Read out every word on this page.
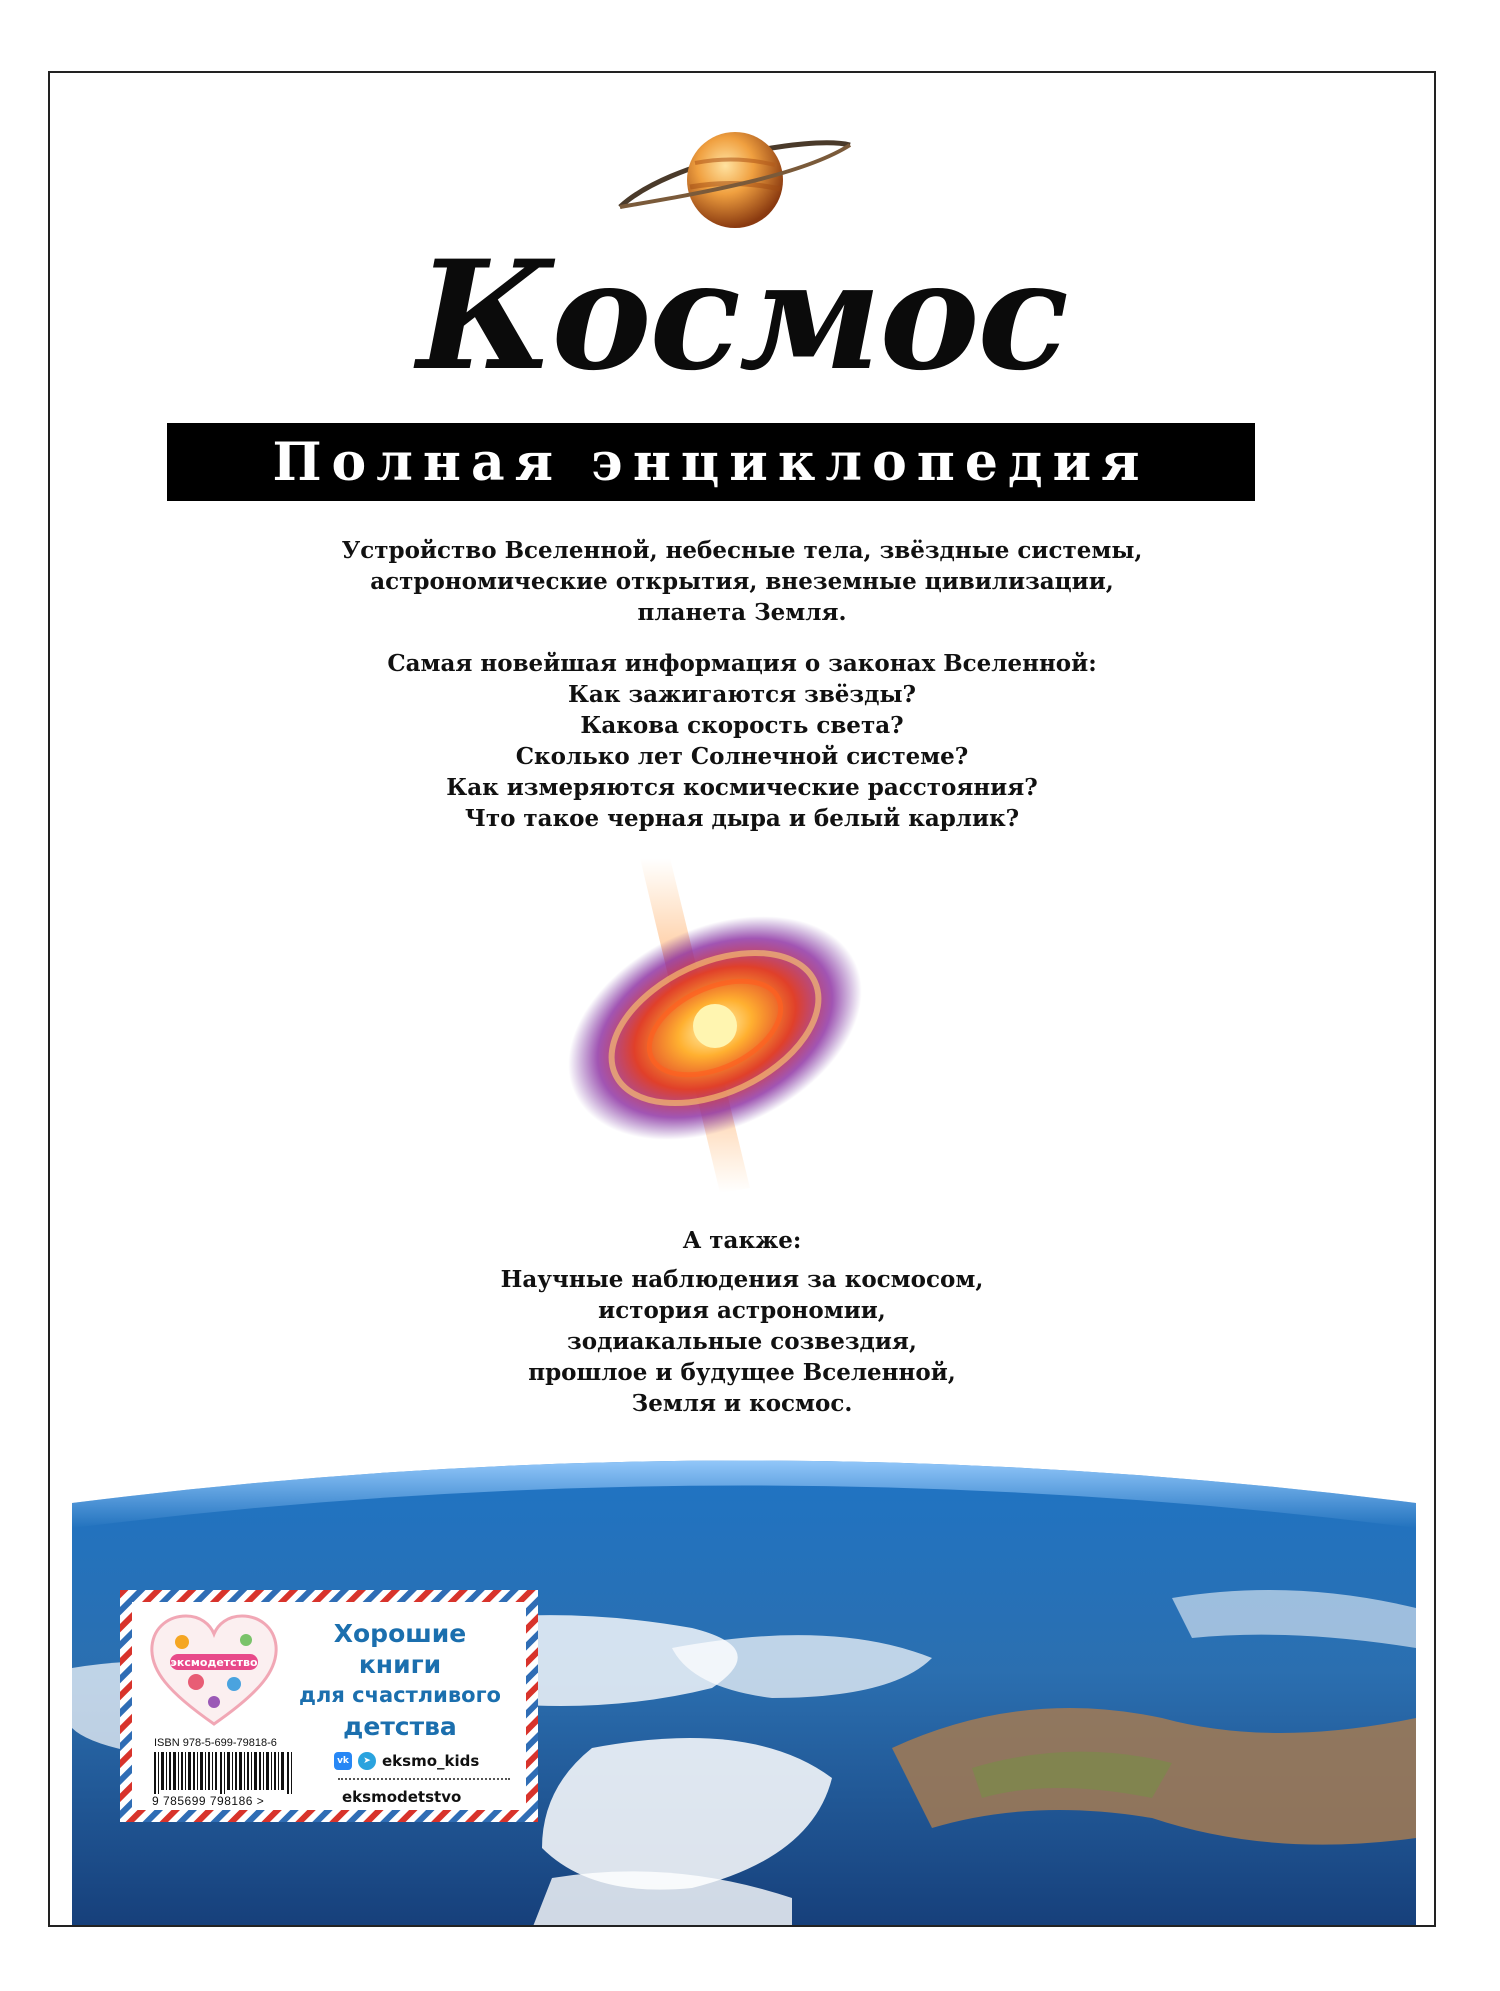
Космос
Полная энциклопедия
Устройство Вселенной, небесные тела, звёздные системы,
астрономические открытия, внеземные цивилизации,
планета Земля.
Самая новейшая информация о законах Вселенной:
Как зажигаются звёзды?
Какова скорость света?
Сколько лет Солнечной системе?
Как измеряются космические расстояния?
Что такое черная дыра и белый карлик?
А также:
Научные наблюдения за космосом,
история астрономии,
зодиакальные созвездия,
прошлое и будущее Вселенной,
Земля и космос.
эксмодетство
Хорошие
книги
для счастливого
детства
ISBN 978-5-699-79818-6
9 785699 798186 >
vk	➤ eksmo_kids
eksmodetstvo
